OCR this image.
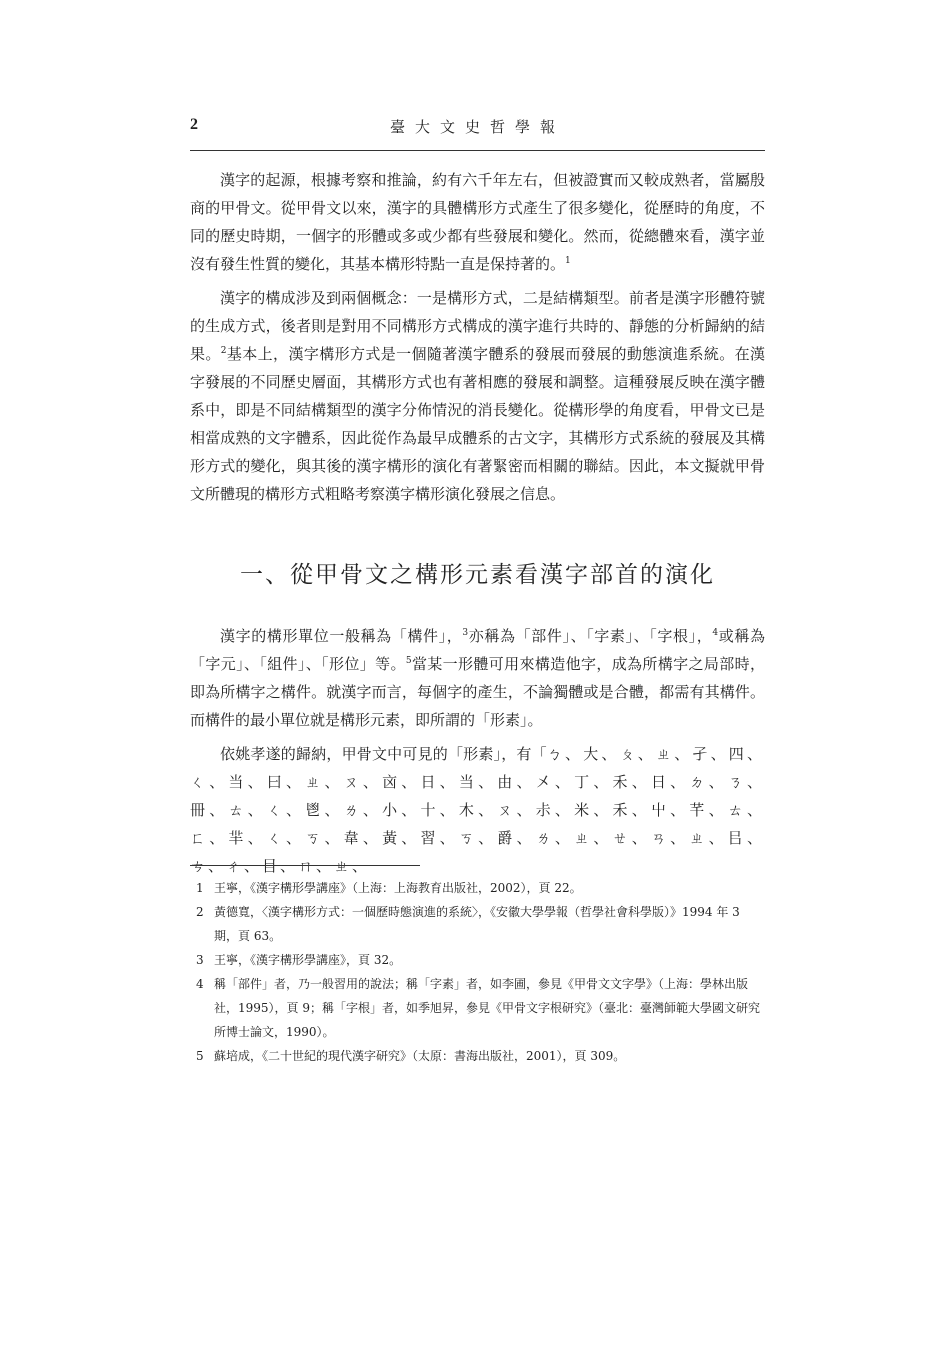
2	臺大文史哲學報

漢字的起源，根據考察和推論，約有六千年左右，但被證實而又較成熟者，當屬殷商的甲骨文。從甲骨文以來，漢字的具體構形方式產生了很多變化，從歷時的角度，不同的歷史時期，一個字的形體或多或少都有些發展和變化。然而，從總體來看，漢字並沒有發生性質的變化，其基本構形特點一直是保持著的。$^1$

漢字的構成涉及到兩個概念：一是構形方式，二是結構類型。前者是漢字形體符號的生成方式，後者則是對用不同構形方式構成的漢字進行共時的、靜態的分析歸納的結果。$^2$基本上，漢字構形方式是一個隨著漢字體系的發展而發展的動態演進系統。在漢字發展的不同歷史層面，其構形方式也有著相應的發展和調整。這種發展反映在漢字體系中，即是不同結構類型的漢字分佈情況的消長變化。從構形學的角度看，甲骨文已是相當成熟的文字體系，因此從作為最早成體系的古文字，其構形方式系統的發展及其構形方式的變化，與其後的漢字構形的演化有著緊密而相關的聯結。因此，本文擬就甲骨文所體現的構形方式粗略考察漢字構形演化發展之信息。

一、從甲骨文之構形元素看漢字部首的演化

漢字的構形單位一般稱為「構件」，$^3$亦稱為「部件」、「字素」、「字根」，$^4$或稱為「字元」、「組件」、「形位」等。$^5$當某一形體可用來構造他字，成為所構字之局部時，即為所構字之構件。就漢字而言，每個字的產生，不論獨體或是合體，都需有其構件。而構件的最小單位就是構形元素，即所謂的「形素」。

依姚孝遂的歸納，甲骨文中可見的「形素」，有「ㄅ、大、ㄆ、ㄓ、孑、四、ㄑ、当、曰、ㄓ、ㄡ、㐫、日、当、由、㐅、丁、禾、日、ㄉ、ㄋ、冊、ㄊ、ㄑ、鬯、ㄌ、小、十、木、ㄡ、尗、米、禾、屮、芊、ㄊ、ㄈ、羋、ㄑ、ㄎ、韋、黃、習、ㄎ、爵、ㄌ、ㄓ、ㄝ、ㄢ、ㄓ、㠯、ㄘ、ㄔ、目、ㄇ、ㄓ、

1 王寧，《漢字構形學講座》（上海：上海教育出版社，2002），頁 22。
2 黃德寬，〈漢字構形方式：一個歷時態演進的系統〉，《安徽大學學報（哲學社會科學版）》1994 年 3 期，頁 63。
3 王寧，《漢字構形學講座》，頁 32。
4 稱「部件」者，乃一般習用的說法；稱「字素」者，如李圃，參見《甲骨文文字學》（上海：學林出版社，1995），頁 9；稱「字根」者，如季旭昇，參見《甲骨文字根研究》（臺北：臺灣師範大學國文研究所博士論文，1990）。
5 蘇培成，《二十世紀的現代漢字研究》（太原：書海出版社，2001），頁 309。
